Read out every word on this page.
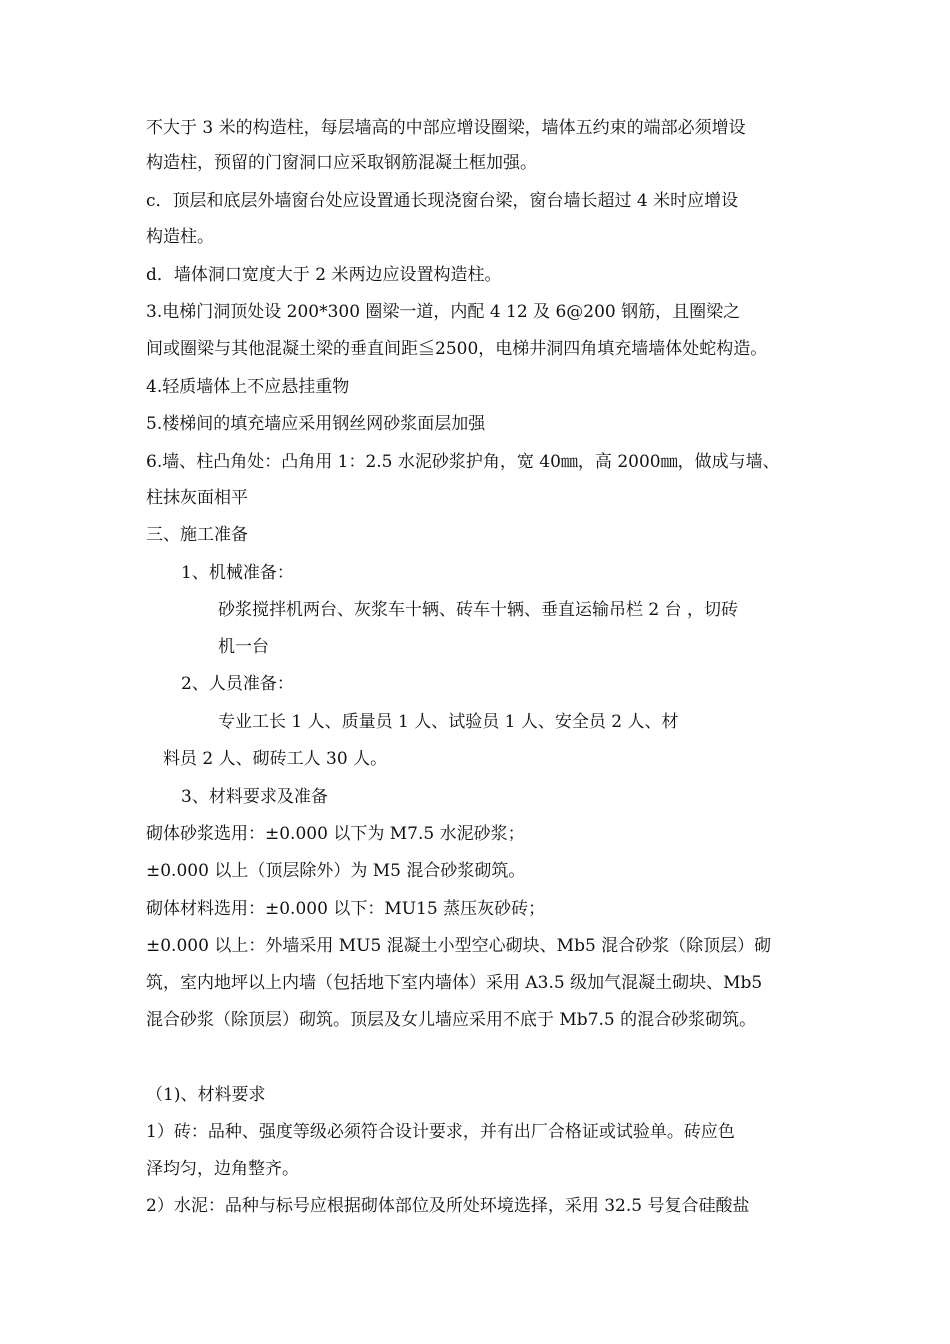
不大于 3 米的构造柱，每层墙高的中部应增设圈梁，墙体五约束的端部必须增设
构造柱，预留的门窗洞口应采取钢筋混凝土框加强。
c．顶层和底层外墙窗台处应设置通长现浇窗台梁，窗台墙长超过 4 米时应增设
构造柱。
d．墙体洞口宽度大于 2 米两边应设置构造柱。
3.电梯门洞顶处设 200*300 圈梁一道，内配 4 12 及 6@200 钢筋，且圈梁之
间或圈梁与其他混凝土梁的垂直间距≦2500，电梯井洞四角填充墙墙体处蛇构造。
4.轻质墙体上不应悬挂重物
5.楼梯间的填充墙应采用钢丝网砂浆面层加强
6.墙、柱凸角处：凸角用 1：2.5 水泥砂浆护角，宽 40㎜，高 2000㎜，做成与墙、
柱抹灰面相平
三、施工准备
1、机械准备：
砂浆搅拌机两台、灰浆车十辆、砖车十辆、垂直运输吊栏 2 台 ，切砖
机一台
2、人员准备：
专业工长 1 人、质量员 1 人、试验员 1 人、安全员 2 人、材
料员 2 人、砌砖工人 30 人。
3、材料要求及准备
砌体砂浆选用：±0.000 以下为 M7.5 水泥砂浆；
±0.000 以上（顶层除外）为 M5 混合砂浆砌筑。
砌体材料选用：±0.000 以下：MU15 蒸压灰砂砖；
±0.000 以上：外墙采用 MU5 混凝土小型空心砌块、Mb5 混合砂浆（除顶层）砌
筑，室内地坪以上内墙（包括地下室内墙体）采用 A3.5 级加气混凝土砌块、Mb5
混合砂浆（除顶层）砌筑。顶层及女儿墙应采用不底于 Mb7.5 的混合砂浆砌筑。
（1)、材料要求
1）砖：品种、强度等级必须符合设计要求，并有出厂合格证或试验单。砖应色
泽均匀，边角整齐。
2）水泥：品种与标号应根据砌体部位及所处环境选择，采用 32.5 号复合硅酸盐
